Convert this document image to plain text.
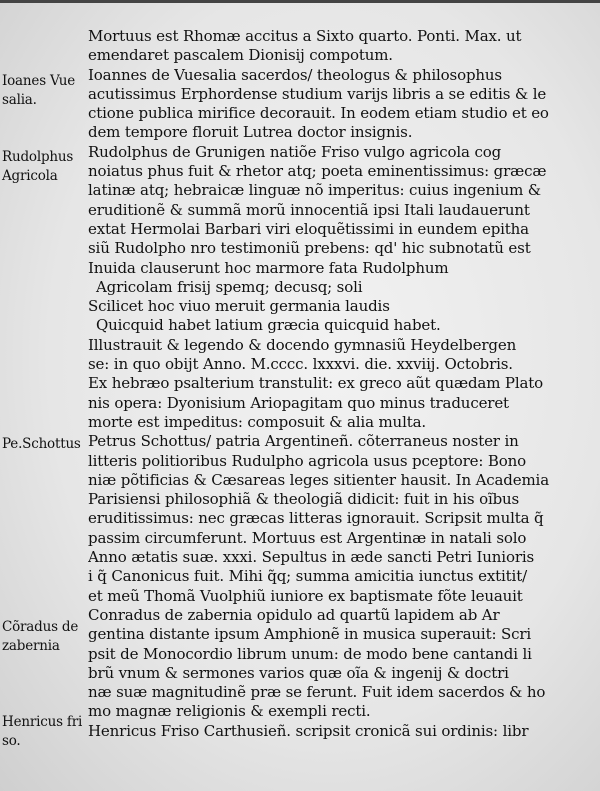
Ioanes Vue
salia.
Rudolphus
Agricola
Pe.Schottus
Cõradus de
zabernia
Henricus fri
so.
Mortuus est Rhomæ accitus a Sixto quarto. Ponti. Max. ut
emendaret pascalem Dionisij compotum.
Ioannes de Vuesalia sacerdos/ theologus & philosophus
acutissimus Erphordense studium varijs libris a se editis & le
ctione publica mirifice decorauit. In eodem etiam studio et eo
dem tempore floruit Lutrea doctor insignis.
Rudolphus de Grunigen natiõe Friso vulgo agricola cog
noiatus phus fuit & rhetor atq; poeta eminentissimus: græcæ
latinæ atq; hebraicæ linguæ nõ imperitus: cuius ingenium &
eruditionẽ & summã morũ innocentiã ipsi Itali laudauerunt
extat Hermolai Barbari viri eloquẽtissimi in eundem epitha
siũ Rudolpho nro testimoniũ prebens: qd' hic subnotatũ est
Inuida clauserunt hoc marmore fata Rudolphum
Agricolam frisij spemq; decusq; soli
Scilicet hoc viuo meruit germania laudis
Quicquid habet latium græcia quicquid habet.
Illustrauit & legendo & docendo gymnasiũ Heydelbergen
se: in quo obijt Anno. M.cccc. lxxxvi. die. xxviij. Octobris.
Ex hebræo psalterium transtulit: ex greco aũt quædam Plato
nis opera: Dyonisium Ariopagitam quo minus traduceret
morte est impeditus: composuit & alia multa.
Petrus Schottus/ patria Argentineñ. cõterraneus noster in
litteris politioribus Rudulpho agricola usus pceptore: Bono
niæ põtificias & Cæsareas leges sitienter hausit. In Academia
Parisiensi philosophiã & theologiã didicit: fuit in his oĩbus
eruditissimus: nec græcas litteras ignorauit. Scripsit multa q̃
passim circumferunt. Mortuus est Argentinæ in natali solo
Anno ætatis suæ. xxxi. Sepultus in æde sancti Petri Iunioris
i q̃ Canonicus fuit. Mihi q̃q; summa amicitia iunctus extitit/
et meũ Thomã Vuolphiũ iuniore ex baptismate fõte leuauit
Conradus de zabernia opidulo ad quartũ lapidem ab Ar
gentina distante ipsum Amphionẽ in musica superauit: Scri
psit de Monocordio librum unum: de modo bene cantandi li
brũ vnum & sermones varios quæ oĩa & ingenij & doctri
næ suæ magnitudinẽ præ se ferunt. Fuit idem sacerdos & ho
mo magnæ religionis & exempli recti.
Henricus Friso Carthusieñ. scripsit cronicã sui ordinis: libr
